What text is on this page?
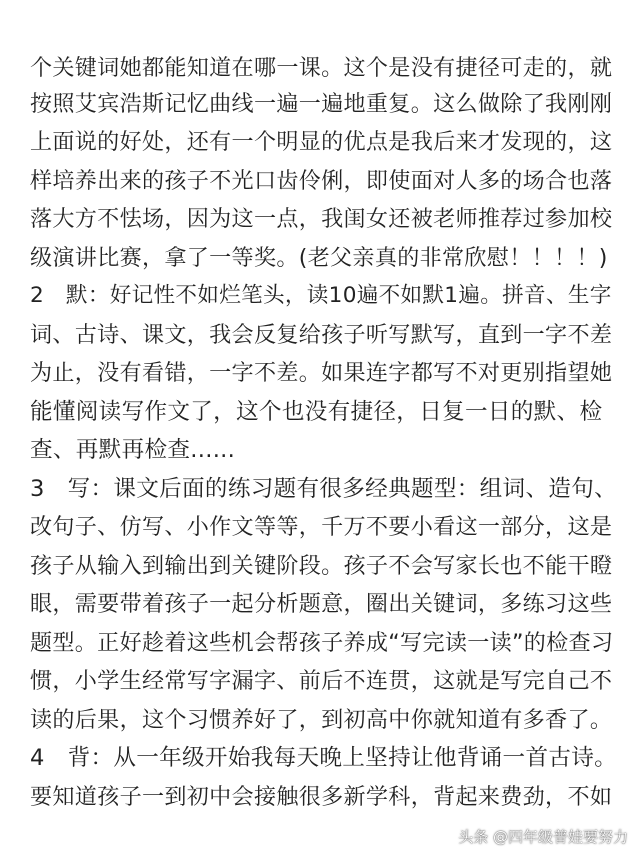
个关键词她都能知道在哪一课。这个是没有捷径可走的，就
按照艾宾浩斯记忆曲线一遍一遍地重复。这么做除了我刚刚
上面说的好处，还有一个明显的优点是我后来才发现的，这
样培养出来的孩子不光口齿伶俐，即使面对人多的场合也落
落大方不怯场，因为这一点，我闺女还被老师推荐过参加校
级演讲比赛，拿了一等奖。(老父亲真的非常欣慰！！！！)
2　默：好记性不如烂笔头，读10遍不如默1遍。拼音、生字
词、古诗、课文，我会反复给孩子听写默写，直到一字不差
为止，没有看错，一字不差。如果连字都写不对更别指望她
能懂阅读写作文了，这个也没有捷径，日复一日的默、检
查、再默再检查......
3　写：课文后面的练习题有很多经典题型：组词、造句、
改句子、仿写、小作文等等，千万不要小看这一部分，这是
孩子从输入到输出到关键阶段。孩子不会写家长也不能干瞪
眼，需要带着孩子一起分析题意，圈出关键词，多练习这些
题型。正好趁着这些机会帮孩子养成“写完读一读”的检查习
惯，小学生经常写字漏字、前后不连贯，这就是写完自己不
读的后果，这个习惯养好了，到初高中你就知道有多香了。
4　背：从一年级开始我每天晚上坚持让他背诵一首古诗。
要知道孩子一到初中会接触很多新学科，背起来费劲，不如
头条 @四年级普娃要努力
